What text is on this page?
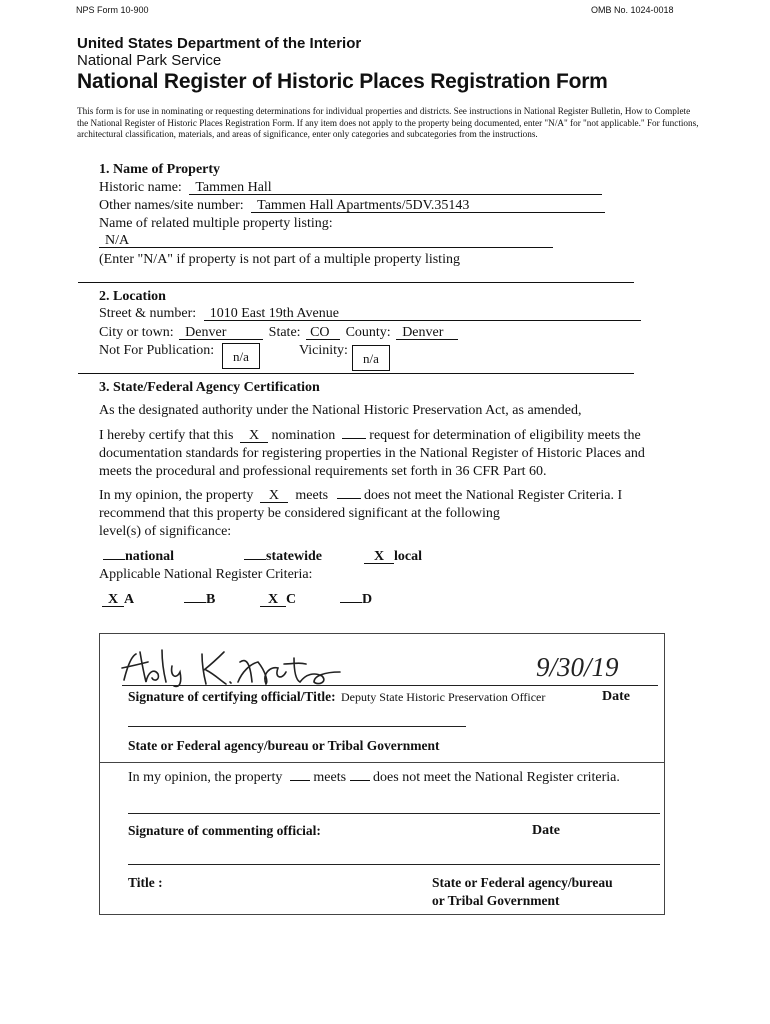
NPS Form 10-900	OMB No. 1024-0018
United States Department of the Interior
National Park Service
National Register of Historic Places Registration Form
This form is for use in nominating or requesting determinations for individual properties and districts. See instructions in National Register Bulletin, How to Complete the National Register of Historic Places Registration Form. If any item does not apply to the property being documented, enter "N/A" for "not applicable." For functions, architectural classification, materials, and areas of significance, enter only categories and subcategories from the instructions.
1. Name of Property
Historic name: Tammen Hall
Other names/site number: Tammen Hall Apartments/5DV.35143
Name of related multiple property listing:
N/A
(Enter "N/A" if property is not part of a multiple property listing
2. Location
Street & number: 1010 East 19th Avenue
City or town: Denver	State: CO County: Denver
Not For Publication:	n/a	Vicinity:
n/a
3. State/Federal Agency Certification
As the designated authority under the National Historic Preservation Act, as amended,
I hereby certify that this X nomination request for determination of eligibility meets the
documentation standards for registering properties in the National Register of Historic Places and
meets the procedural and professional requirements set forth in 36 CFR Part 60.
In my opinion, the property X meets	does not meet the National Register Criteria. I
recommend that this property be considered significant at the following
level(s) of significance:
national	statewide	X local
Applicable National Register Criteria:
X A	B	X C	D
9/30/19
Signature of certifying official/Title: Deputy State Historic Preservation Officer	Date
State or Federal agency/bureau or Tribal Government
In my opinion, the property meets does not meet the National Register criteria.
Signature of commenting official:	Date
Title :	State or Federal agency/bureau
or Tribal Government
